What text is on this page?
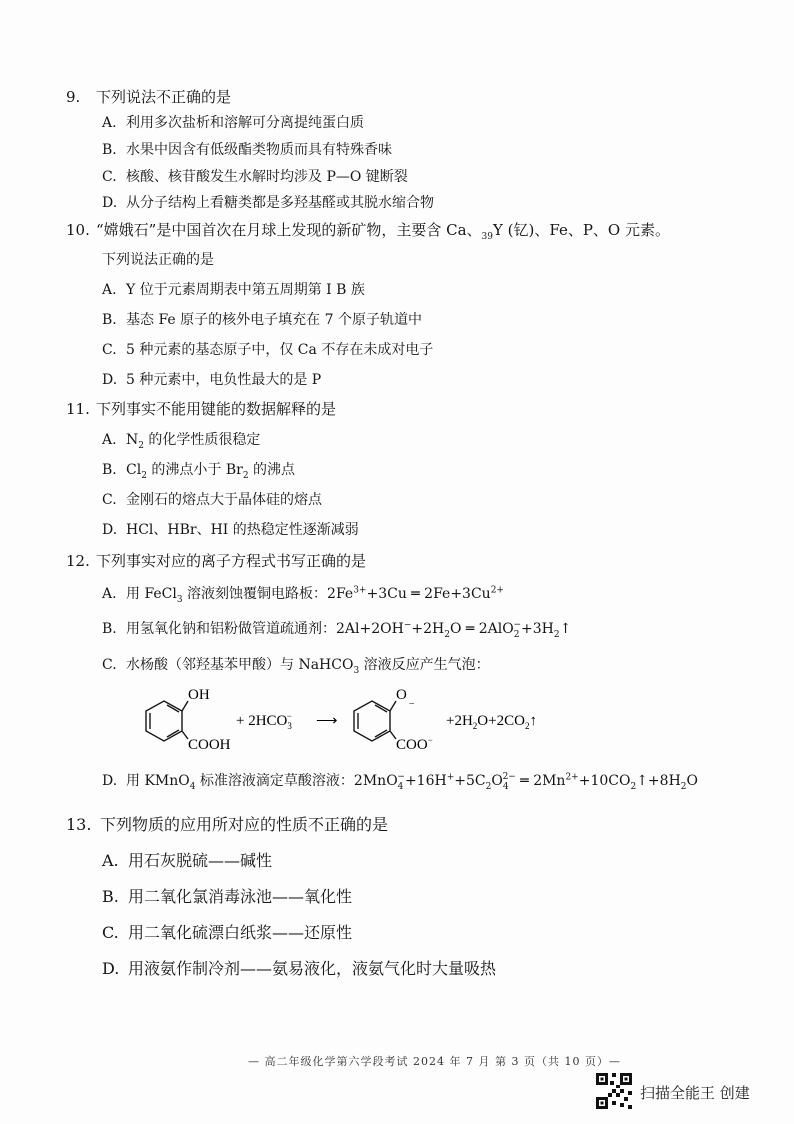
9. 下列说法不正确的是
A. 利用多次盐析和溶解可分离提纯蛋白质
B. 水果中因含有低级酯类物质而具有特殊香味
C. 核酸、核苷酸发生水解时均涉及 P—O 键断裂
D. 从分子结构上看糖类都是多羟基醛或其脱水缩合物
10. “嫦娥石”是中国首次在月球上发现的新矿物，主要含 Ca、$_{39}$Y (钇)、Fe、P、O 元素。
下列说法正确的是
A. Y 位于元素周期表中第五周期第 Ⅰ B 族
B. 基态 Fe 原子的核外电子填充在 7 个原子轨道中
C. 5 种元素的基态原子中，仅 Ca 不存在未成对电子
D. 5 种元素中，电负性最大的是 P
11. 下列事实不能用键能的数据解释的是
A. $N_2$ 的化学性质很稳定
B. $Cl_2$ 的沸点小于 $Br_2$ 的沸点
C. 金刚石的熔点大于晶体硅的熔点
D. HCl、HBr、HI 的热稳定性逐渐减弱
12. 下列事实对应的离子方程式书写正确的是
A. 用 FeCl$_3$ 溶液刻蚀覆铜电路板：$2Fe^{3+}+3Cu$ ═ $2Fe+3Cu^{2+}$
B. 用氢氧化钠和铝粉做管道疏通剂：$2Al+2OH^-+2H_2O$ ═ $2AlO_2^-+3H_2↑$
C. 水杨酸（邻羟基苯甲酸）与 NaHCO$_3$ 溶液反应产生气泡：
OH
COOH
+ $2HCO_3-$ ⟶
$O_-$
COO−
$+2H_2O+2CO_2↑$
D. 用 KMnO$_4$ 标准溶液滴定草酸溶液：$2MnO_4^-+16H^++5C_2O_4^{2-}$ ═ $2Mn^{2+}+10CO_2↑+8H_2O$
13. 下列物质的应用所对应的性质不正确的是
A. 用石灰脱硫——碱性
B. 用二氧化氯消毒泳池——氧化性
C. 用二氧化硫漂白纸浆——还原性
D. 用液氨作制冷剂——氨易液化，液氨气化时大量吸热
— 高二年级化学第六学段考试 2024 年 7 月 第 3 页（共 10 页）—
扫描全能王 创建
